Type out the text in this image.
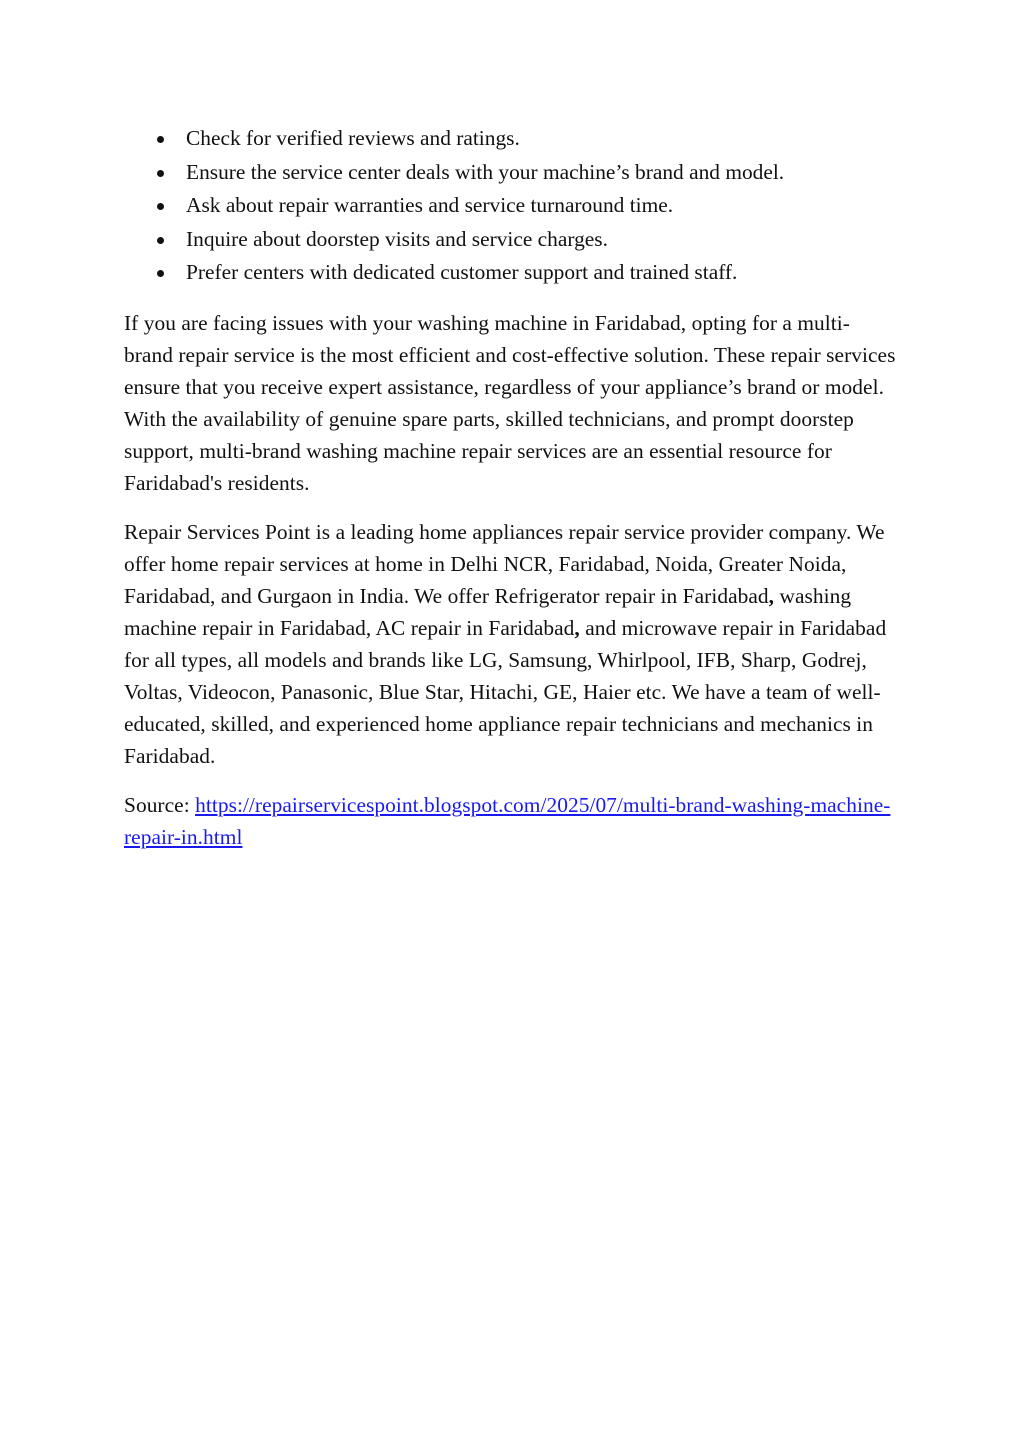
Check for verified reviews and ratings.
Ensure the service center deals with your machine’s brand and model.
Ask about repair warranties and service turnaround time.
Inquire about doorstep visits and service charges.
Prefer centers with dedicated customer support and trained staff.

If you are facing issues with your washing machine in Faridabad, opting for a multi-brand repair service is the most efficient and cost-effective solution. These repair services ensure that you receive expert assistance, regardless of your appliance’s brand or model. With the availability of genuine spare parts, skilled technicians, and prompt doorstep support, multi-brand washing machine repair services are an essential resource for Faridabad's residents.

Repair Services Point is a leading home appliances repair service provider company. We offer home repair services at home in Delhi NCR, Faridabad, Noida, Greater Noida, Faridabad, and Gurgaon in India. We offer Refrigerator repair in Faridabad, washing machine repair in Faridabad, AC repair in Faridabad, and microwave repair in Faridabad for all types, all models and brands like LG, Samsung, Whirlpool, IFB, Sharp, Godrej, Voltas, Videocon, Panasonic, Blue Star, Hitachi, GE, Haier etc. We have a team of well-educated, skilled, and experienced home appliance repair technicians and mechanics in Faridabad.

Source: https://repairservicespoint.blogspot.com/2025/07/multi-brand-washing-machine-repair-in.html
